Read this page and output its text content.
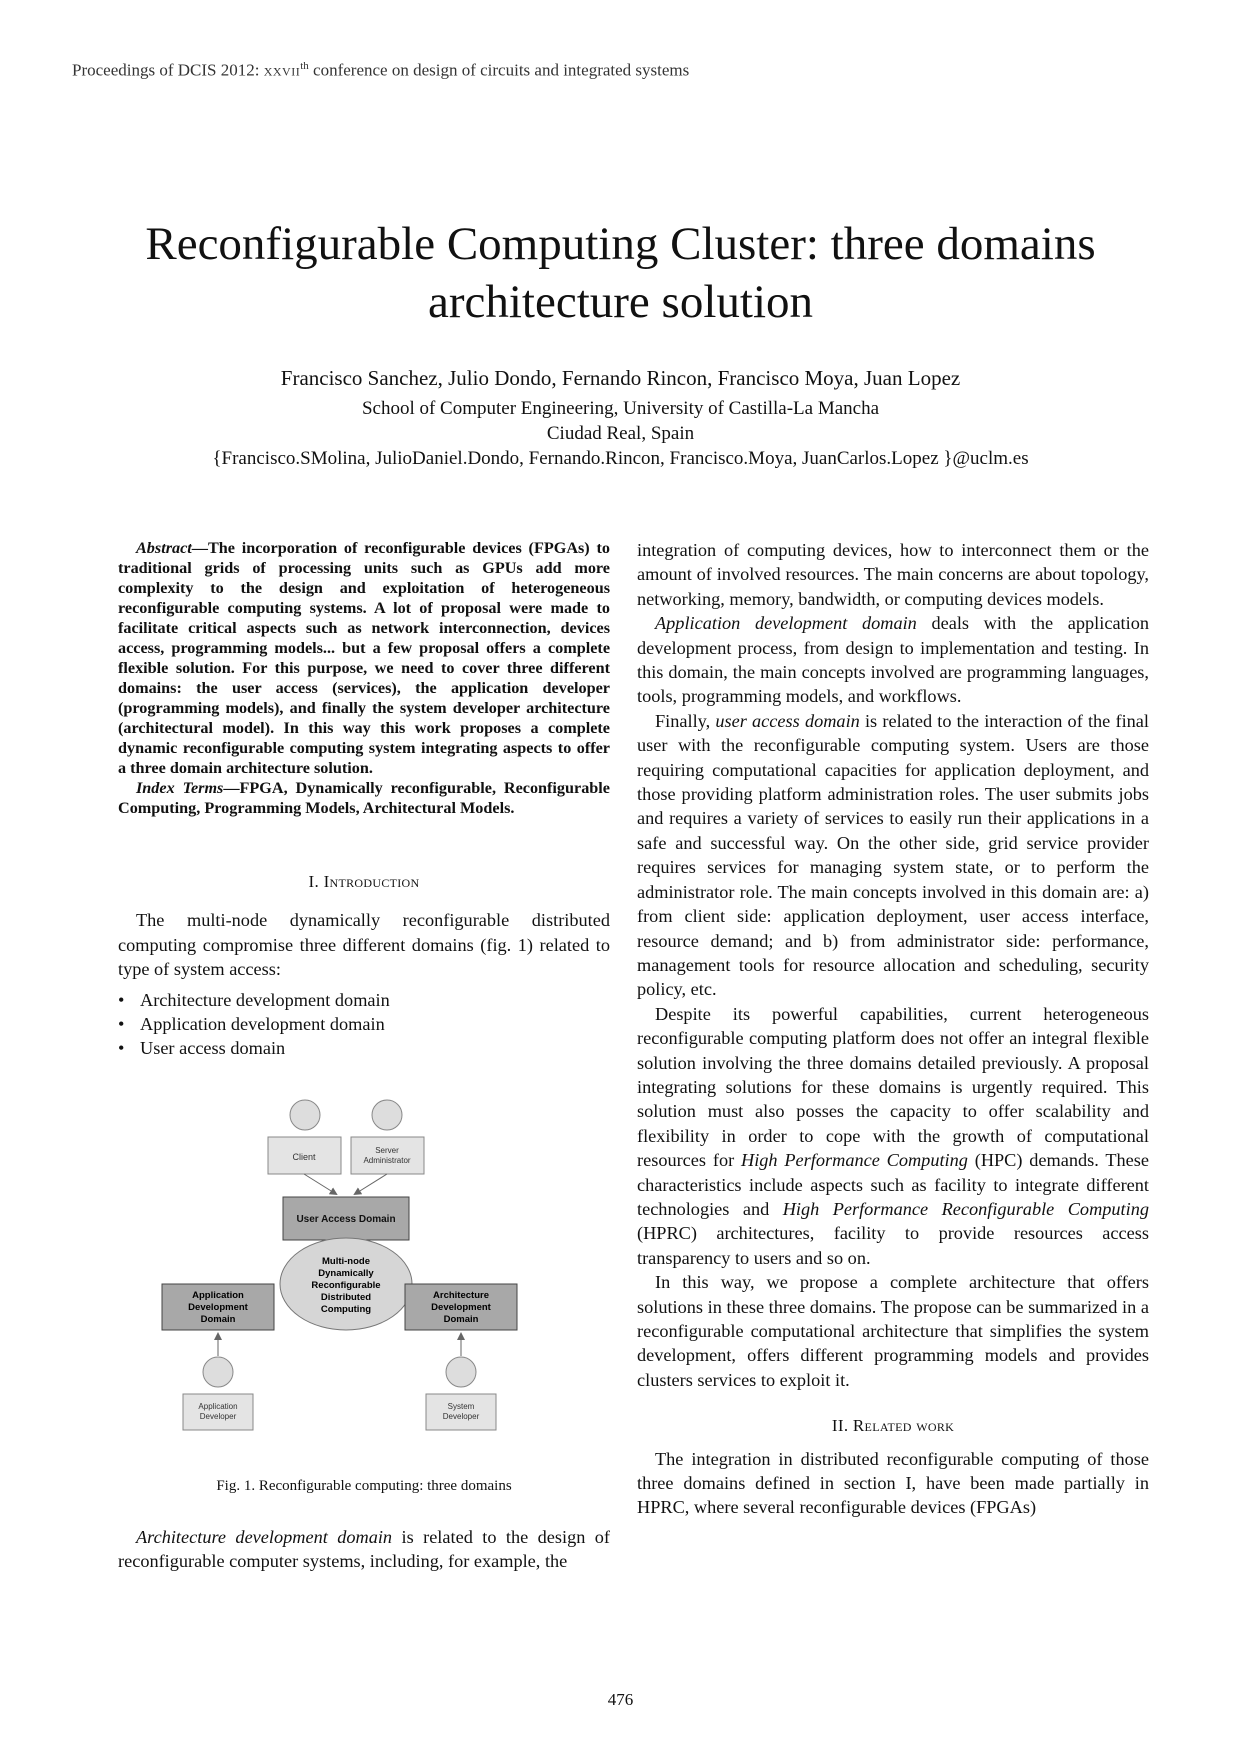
Proceedings of DCIS 2012: xxvii$^{th}$ conference on design of circuits and integrated systems
Reconfigurable Computing Cluster: three domains
architecture solution
Francisco Sanchez, Julio Dondo, Fernando Rincon, Francisco Moya, Juan Lopez
School of Computer Engineering, University of Castilla-La Mancha
Ciudad Real, Spain
{Francisco.SMolina, JulioDaniel.Dondo, Fernando.Rincon, Francisco.Moya, JuanCarlos.Lopez }@uclm.es

Abstract—The incorporation of reconfigurable devices (FPGAs) to traditional grids of processing units such as GPUs add more complexity to the design and exploitation of heterogeneous reconfigurable computing systems. A lot of proposal were made to facilitate critical aspects such as network interconnection, devices access, programming models... but a few proposal offers a complete flexible solution. For this purpose, we need to cover three different domains: the user access (services), the application developer (programming models), and finally the system developer architecture (architectural model). In this way this work proposes a complete dynamic reconfigurable computing system integrating aspects to offer a three domain architecture solution.

Index Terms—FPGA, Dynamically reconfigurable, Reconfigurable Computing, Programming Models, Architectural Models.

I. Introduction

The multi-node dynamically reconfigurable distributed computing compromise three different domains (fig. 1) related to type of system access:

• Architecture development domain
• Application development domain
• User access domain
Client
Server
Administrator
User Access Domain
Multi-node
Dynamically
Reconfigurable
Distributed
Computing
Application
Development
Domain
Architecture
Development
Domain
Application
Developer
System
Developer
Fig. 1. Reconfigurable computing: three domains
Architecture development domain is related to the design of reconfigurable computer systems, including, for example, the

integration of computing devices, how to interconnect them or the amount of involved resources. The main concerns are about topology, networking, memory, bandwidth, or computing devices models.

Application development domain deals with the application development process, from design to implementation and testing. In this domain, the main concepts involved are programming languages, tools, programming models, and workflows.

Finally, user access domain is related to the interaction of the final user with the reconfigurable computing system. Users are those requiring computational capacities for application deployment, and those providing platform administration roles. The user submits jobs and requires a variety of services to easily run their applications in a safe and successful way. On the other side, grid service provider requires services for managing system state, or to perform the administrator role. The main concepts involved in this domain are: a) from client side: application deployment, user access interface, resource demand; and b) from administrator side: performance, management tools for resource allocation and scheduling, security policy, etc.

Despite its powerful capabilities, current heterogeneous reconfigurable computing platform does not offer an integral flexible solution involving the three domains detailed previously. A proposal integrating solutions for these domains is urgently required. This solution must also posses the capacity to offer scalability and flexibility in order to cope with the growth of computational resources for High Performance Computing (HPC) demands. These characteristics include aspects such as facility to integrate different technologies and High Performance Reconfigurable Computing (HPRC) architectures, facility to provide resources access transparency to users and so on.

In this way, we propose a complete architecture that offers solutions in these three domains. The propose can be summarized in a reconfigurable computational architecture that simplifies the system development, offers different programming models and provides clusters services to exploit it.

II. Related work

The integration in distributed reconfigurable computing of those three domains defined in section I, have been made partially in HPRC, where several reconfigurable devices (FPGAs)

476
